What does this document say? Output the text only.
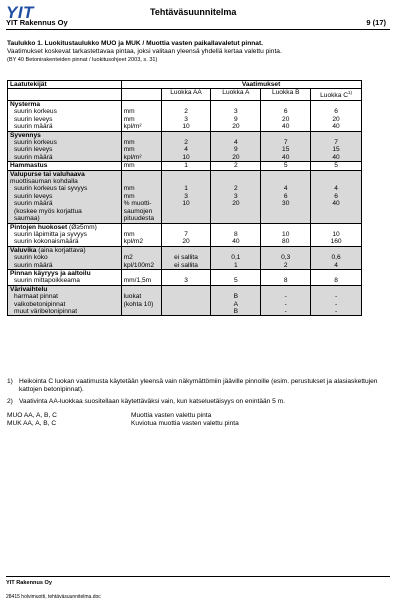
YIT
YIT Rakennus Oy
Tehtäväsuunnitelma
9 (17)
Taulukko 1. Luokitustaulukko MUO ja MUK / Muottia vasten paikallavaletut pinnat.
Vaatimukset koskevat tarkastettavaa pintaa, joksi valitaan yleensä yhdellä kertaa valettu pinta.
(BY 40 Betonirakenteiden pinnat / luokitusohjeet 2003, s. 31)
Laatutekijät		Vaatimukset			
		Luokka AA	Luokka A	Luokka B	Luokka $C^{1)}$
Nysterma					
suurin korkeus	mm	2	3	6	6
suurin leveys	mm	3	9	20	20
suurin määrä	kpl/m²	10	20	40	40
Syvennys					
suurin korkeus	mm	2	4	7	7
suurin leveys	mm	4	9	15	15
suurin määrä	kpl/m²	10	20	40	40
Hammastus	mm	1	2	5	5
Valupurse tai valuhaava					
muottisauman kohdalla					
suurin korkeus tai syvyys	mm	1	2	4	4
suurin leveys	mm	3	3	6	6
suurin määrä	% muotti-	10	20	30	40
(koskee myös korjattua	saumojen				
saumaa)	pituudesta				
Pintojen huokoset (Ø≥5mm)					
suurin läpimitta ja syvyys	mm	7	8	10	10
suurin kokonaismäärä	kpl/m2	20	40	80	160
Valuvika (aina korjattava)					
suurin koko	m2	ei sallita	0,1	0,3	0,6
suurin määrä	kpl/100m2	ei sallita	1	2	4
Pinnan käyryys ja aaltoilu					
suurin mittapoikkeama	mm/1,5m	3	5	8	8
Värivaihtelu					
harmaat pinnat	luokat		B	-	-
valkobetonipinnat	(kohta 10)		A	-	-
muut väribetonipinnat			B	-	-
1) Heikointa C luokan vaatimusta käytetään yleensä vain näkymättömiin jääville pinnoille (esim. perustukset ja alasiaskettujen kattojen betonipinnat).
2) Vaativinta AA-luokkaa suositellaan käytettäväksi vain, kun katseluetäisyys on enintään 5 m.
MUO AA, A, B, C	Muottia vasten valettu pinta
MUK AA, A, B, C	Kuviotua muottia vasten valettu pinta
YIT Rakennus Oy
28415 holvimuotti, tehtäväsuunnitelma.doc
